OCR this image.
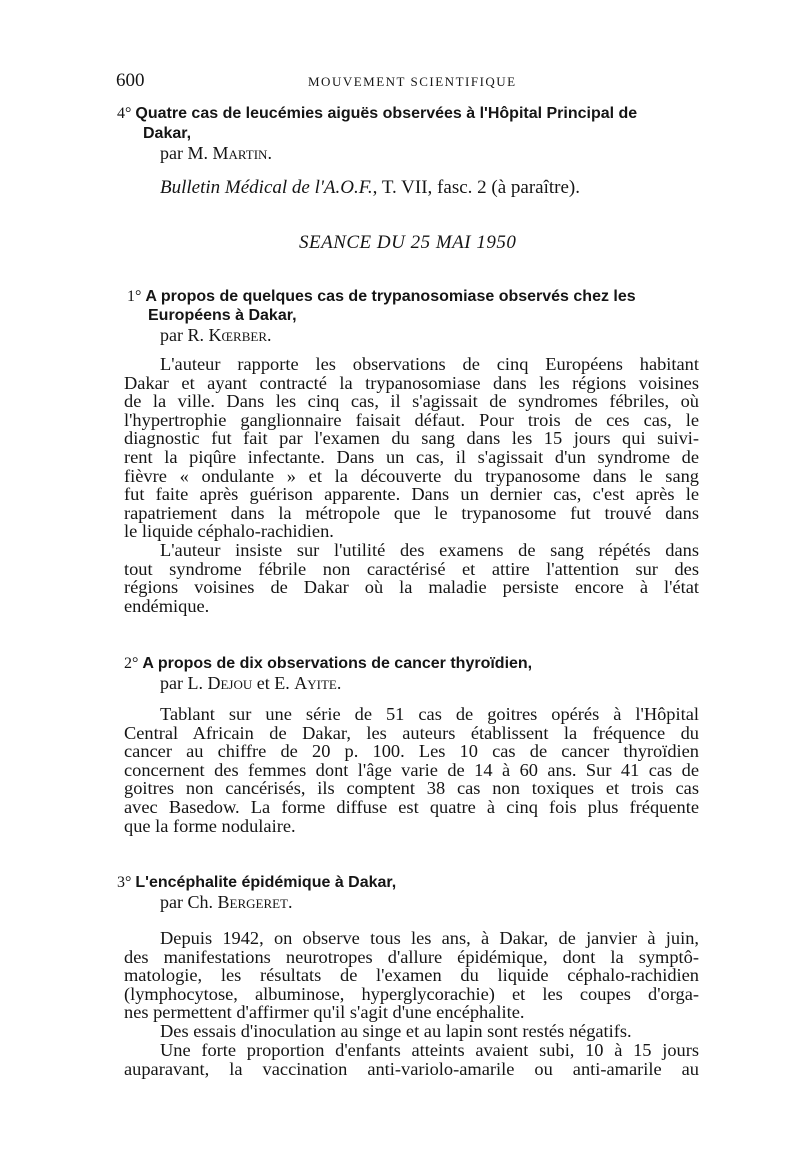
600	MOUVEMENT SCIENTIFIQUE
4° Quatre cas de leucémies aiguës observées à l'Hôpital Principal de
Dakar,
par M. Martin.
Bulletin Médical de l'A.O.F., T. VII, fasc. 2 (à paraître).
SEANCE DU 25 MAI 1950
1° A propos de quelques cas de trypanosomiase observés chez les
Européens à Dakar,
par R. Kœrber.
L'auteur rapporte les observations de cinq Européens habitant
Dakar et ayant contracté la trypanosomiase dans les régions voisines
de la ville. Dans les cinq cas, il s'agissait de syndromes fébriles, où
l'hypertrophie ganglionnaire faisait défaut. Pour trois de ces cas, le
diagnostic fut fait par l'examen du sang dans les 15 jours qui suivi-
rent la piqûre infectante. Dans un cas, il s'agissait d'un syndrome de
fièvre « ondulante » et la découverte du trypanosome dans le sang
fut faite après guérison apparente. Dans un dernier cas, c'est après le
rapatriement dans la métropole que le trypanosome fut trouvé dans
le liquide céphalo-rachidien.
L'auteur insiste sur l'utilité des examens de sang répétés dans
tout syndrome fébrile non caractérisé et attire l'attention sur des
régions voisines de Dakar où la maladie persiste encore à l'état
endémique.
2° A propos de dix observations de cancer thyroïdien,
par L. Dejou et E. Ayite.
Tablant sur une série de 51 cas de goitres opérés à l'Hôpital
Central Africain de Dakar, les auteurs établissent la fréquence du
cancer au chiffre de 20 p. 100. Les 10 cas de cancer thyroïdien
concernent des femmes dont l'âge varie de 14 à 60 ans. Sur 41 cas de
goitres non cancérisés, ils comptent 38 cas non toxiques et trois cas
avec Basedow. La forme diffuse est quatre à cinq fois plus fréquente
que la forme nodulaire.
3° L'encéphalite épidémique à Dakar,
par Ch. Bergeret.
Depuis 1942, on observe tous les ans, à Dakar, de janvier à juin,
des manifestations neurotropes d'allure épidémique, dont la symptô-
matologie, les résultats de l'examen du liquide céphalo-rachidien
(lymphocytose, albuminose, hyperglycorachie) et les coupes d'orga-
nes permettent d'affirmer qu'il s'agit d'une encéphalite.
Des essais d'inoculation au singe et au lapin sont restés négatifs.
Une forte proportion d'enfants atteints avaient subi, 10 à 15 jours
auparavant, la vaccination anti-variolo-amarile ou anti-amarile au
